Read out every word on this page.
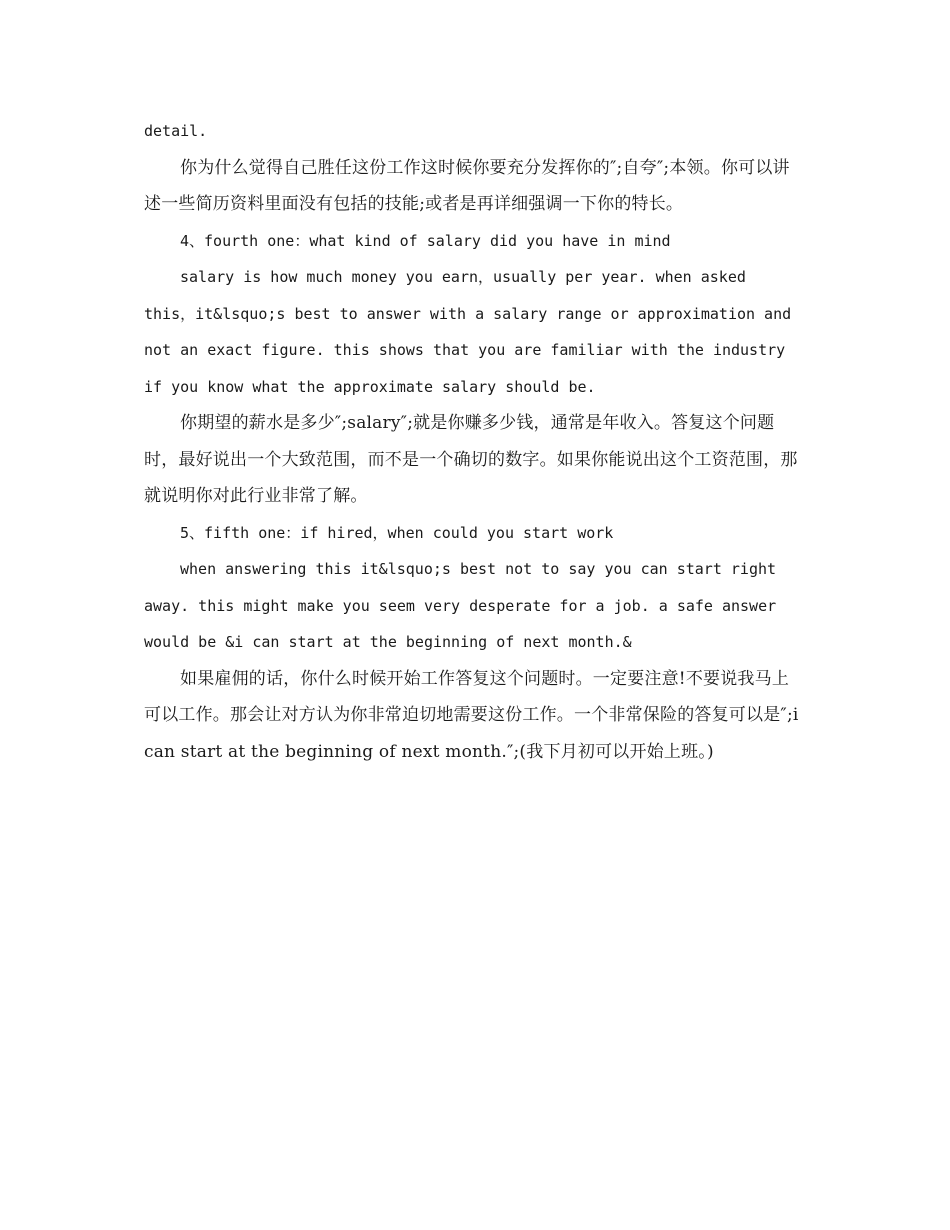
detail.

你为什么觉得自己胜任这份工作这时候你要充分发挥你的″;自夸″;本领。你可以讲述一些简历资料里面没有包括的技能;或者是再详细强调一下你的特长。

4、fourth one：what kind of salary did you have in mind

salary is how much money you earn，usually per year. when asked this，it&lsquo;s best to answer with a salary range or approximation and not an exact figure. this shows that you are familiar with the industry if you know what the approximate salary should be.

你期望的薪水是多少″;salary″;就是你赚多少钱，通常是年收入。答复这个问题时，最好说出一个大致范围，而不是一个确切的数字。如果你能说出这个工资范围，那就说明你对此行业非常了解。

5、fifth one：if hired，when could you start work

when answering this it&lsquo;s best not to say you can start right away. this might make you seem very desperate for a job. a safe answer would be &i can start at the beginning of next month.&

如果雇佣的话，你什么时候开始工作答复这个问题时。一定要注意!不要说我马上可以工作。那会让对方认为你非常迫切地需要这份工作。一个非常保险的答复可以是″;i can start at the beginning of next month.″;(我下月初可以开始上班。)
